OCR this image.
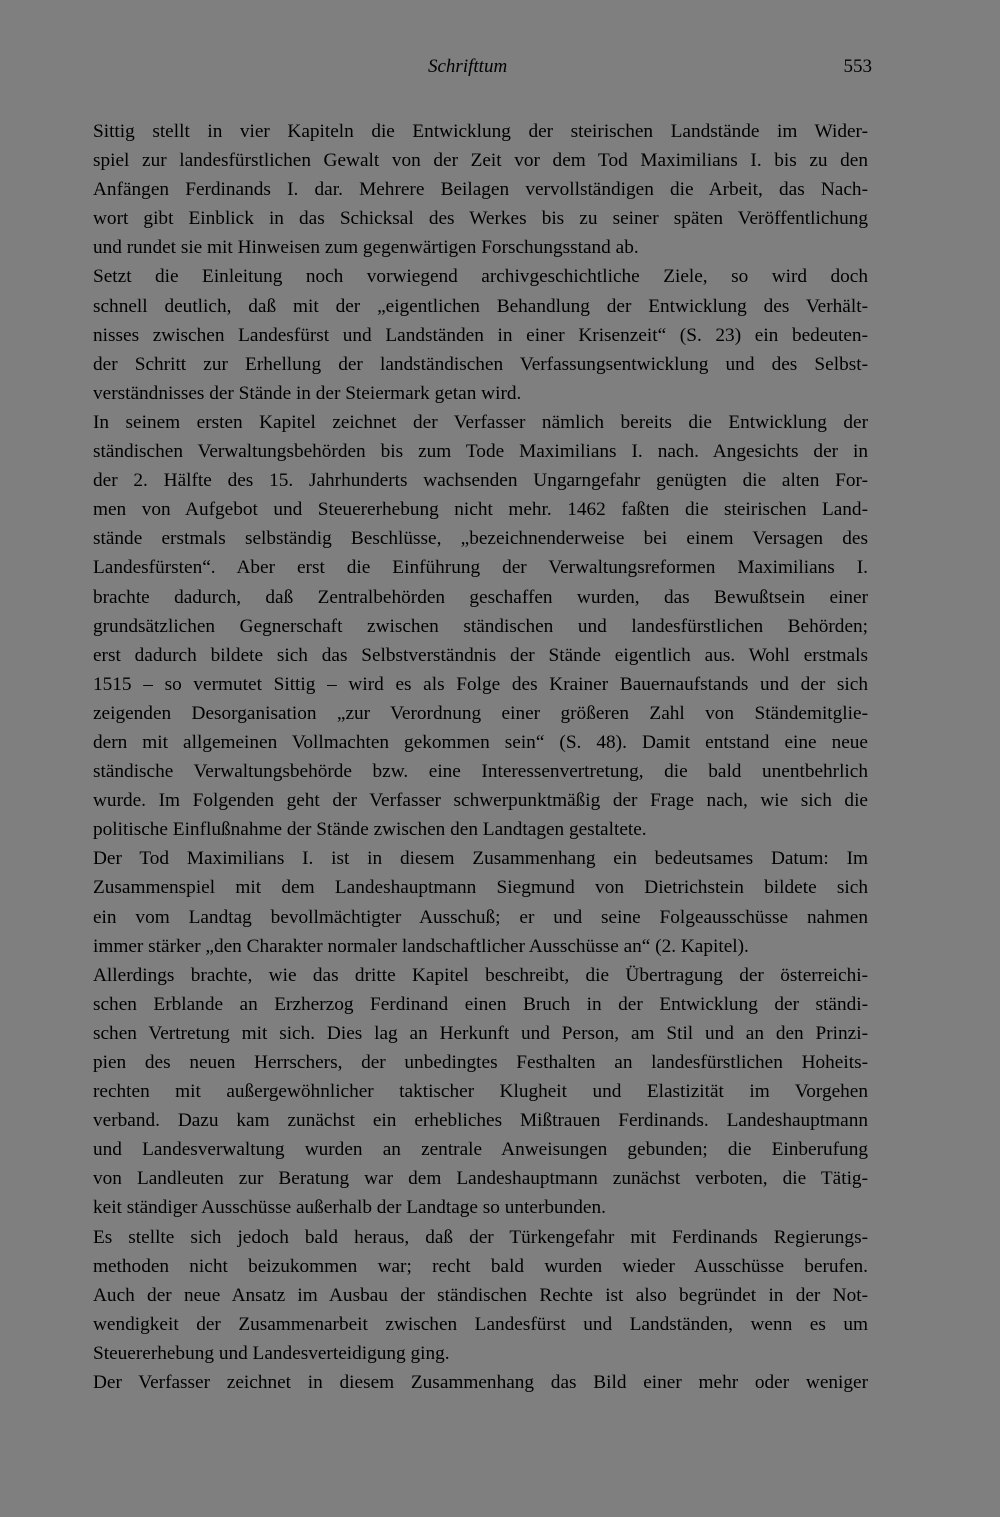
Schrifttum	553

Sittig stellt in vier Kapiteln die Entwicklung der steirischen Landstände im Wider-
spiel zur landesfürstlichen Gewalt von der Zeit vor dem Tod Maximilians I. bis zu den
Anfängen Ferdinands I. dar. Mehrere Beilagen vervollständigen die Arbeit, das Nach-
wort gibt Einblick in das Schicksal des Werkes bis zu seiner späten Veröffentlichung
und rundet sie mit Hinweisen zum gegenwärtigen Forschungsstand ab.

Setzt die Einleitung noch vorwiegend archivgeschichtliche Ziele, so wird doch
schnell deutlich, daß mit der „eigentlichen Behandlung der Entwicklung des Verhält-
nisses zwischen Landesfürst und Landständen in einer Krisenzeit“ (S. 23) ein bedeuten-
der Schritt zur Erhellung der landständischen Verfassungsentwicklung und des Selbst-
verständnisses der Stände in der Steiermark getan wird.

In seinem ersten Kapitel zeichnet der Verfasser nämlich bereits die Entwicklung der
ständischen Verwaltungsbehörden bis zum Tode Maximilians I. nach. Angesichts der in
der 2. Hälfte des 15. Jahrhunderts wachsenden Ungarngefahr genügten die alten For-
men von Aufgebot und Steuererhebung nicht mehr. 1462 faßten die steirischen Land-
stände erstmals selbständig Beschlüsse, „bezeichnenderweise bei einem Versagen des
Landesfürsten“. Aber erst die Einführung der Verwaltungsreformen Maximilians I.
brachte dadurch, daß Zentralbehörden geschaffen wurden, das Bewußtsein einer
grundsätzlichen Gegnerschaft zwischen ständischen und landesfürstlichen Behörden;
erst dadurch bildete sich das Selbstverständnis der Stände eigentlich aus. Wohl erstmals
1515 – so vermutet Sittig – wird es als Folge des Krainer Bauernaufstands und der sich
zeigenden Desorganisation „zur Verordnung einer größeren Zahl von Ständemitglie-
dern mit allgemeinen Vollmachten gekommen sein“ (S. 48). Damit entstand eine neue
ständische Verwaltungsbehörde bzw. eine Interessenvertretung, die bald unentbehrlich
wurde. Im Folgenden geht der Verfasser schwerpunktmäßig der Frage nach, wie sich die
politische Einflußnahme der Stände zwischen den Landtagen gestaltete.

Der Tod Maximilians I. ist in diesem Zusammenhang ein bedeutsames Datum: Im
Zusammenspiel mit dem Landeshauptmann Siegmund von Dietrichstein bildete sich
ein vom Landtag bevollmächtigter Ausschuß; er und seine Folgeausschüsse nahmen
immer stärker „den Charakter normaler landschaftlicher Ausschüsse an“ (2. Kapitel).

Allerdings brachte, wie das dritte Kapitel beschreibt, die Übertragung der österreichi-
schen Erblande an Erzherzog Ferdinand einen Bruch in der Entwicklung der ständi-
schen Vertretung mit sich. Dies lag an Herkunft und Person, am Stil und an den Prinzi-
pien des neuen Herrschers, der unbedingtes Festhalten an landesfürstlichen Hoheits-
rechten mit außergewöhnlicher taktischer Klugheit und Elastizität im Vorgehen
verband. Dazu kam zunächst ein erhebliches Mißtrauen Ferdinands. Landeshauptmann
und Landesverwaltung wurden an zentrale Anweisungen gebunden; die Einberufung
von Landleuten zur Beratung war dem Landeshauptmann zunächst verboten, die Tätig-
keit ständiger Ausschüsse außerhalb der Landtage so unterbunden.

Es stellte sich jedoch bald heraus, daß der Türkengefahr mit Ferdinands Regierungs-
methoden nicht beizukommen war; recht bald wurden wieder Ausschüsse berufen.
Auch der neue Ansatz im Ausbau der ständischen Rechte ist also begründet in der Not-
wendigkeit der Zusammenarbeit zwischen Landesfürst und Landständen, wenn es um
Steuererhebung und Landesverteidigung ging.

Der Verfasser zeichnet in diesem Zusammenhang das Bild einer mehr oder weniger
